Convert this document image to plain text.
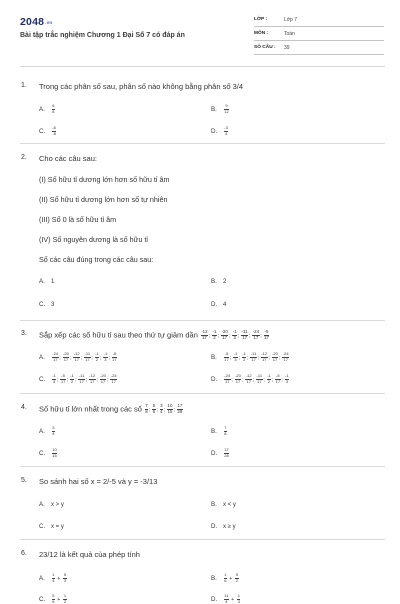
2048.vn
Bài tập trắc nghiệm Chương 1 Đại Số 7 có đáp án
LỚP :	Lớp 7
MÔN :	Toán
SỐ CÂU : 39
1. Trong các phân số sau, phân số nào không bằng phân số 3/4
A. $\frac{6}{8}$	B. $\frac{9}{12}$
C. $\frac{-6}{-8}$	D. $\frac{-3}{4}$
2. Cho các câu sau:
(I) Số hữu tỉ dương lớn hơn số hữu tỉ âm
(II) Số hữu tỉ dương lớn hơn số tự nhiên
(III) Số 0 là số hữu tỉ âm
(IV) Số nguyên dương là số hữu tỉ
Số các câu đúng trong các câu sau:
A. 1	B. 2
C. 3	D. 4
3. Sắp xếp các số hữu tỉ sau theo thứ tự giảm dần $\frac{-12}{17}$ ; $\frac{-1}{2}$ ; $\frac{-20}{17}$ ; $\frac{-1}{3}$ ; $\frac{-11}{17}$ ; $\frac{-24}{17}$ ; $\frac{-5}{17}$
A. $\frac{-24}{17}$ ; $\frac{-20}{17}$ ; $\frac{-12}{17}$ ; $\frac{-11}{17}$ ; $\frac{-1}{2}$ ; $\frac{-1}{3}$ ; $\frac{-5}{17}$	B. $\frac{-5}{17}$ ; $\frac{-1}{3}$ ; $\frac{-1}{2}$ ; $\frac{-11}{17}$ ; $\frac{-12}{17}$ ; $\frac{-20}{17}$ ; $\frac{-24}{17}$
C. $\frac{-1}{3}$ ; $\frac{-5}{17}$ ; $\frac{-1}{2}$ ; $\frac{-11}{17}$ ; $\frac{-12}{17}$ ; $\frac{-20}{17}$ ; $\frac{-24}{17}$	D. $\frac{-24}{17}$ ; $\frac{-20}{17}$ ; $\frac{-12}{17}$ ; $\frac{-11}{17}$ ; $\frac{-1}{2}$ ; $\frac{-5}{17}$ ; $\frac{-1}{3}$
4. Số hữu tỉ lớn nhất trong các số $\frac{7}{8}$ ; $\frac{5}{6}$ ; $\frac{3}{4}$ ; $\frac{10}{15}$ ; $\frac{17}{28}$
A. $\frac{3}{4}$	B. $\frac{7}{8}$
C. $\frac{10}{15}$	D. $\frac{17}{28}$
5. So sánh hai số x = 2/-5 và y = -3/13
A. x > y	B. x < y
C. x = y	D. x ≥ y
6. 23/12 là kết quả của phép tính
A. $\frac{1}{4} + \frac{5}{3}$	B. $\frac{1}{6} + \frac{5}{2}$
C. $\frac{5}{6} + \frac{1}{2}$	D. $\frac{11}{4} + \frac{1}{3}$
